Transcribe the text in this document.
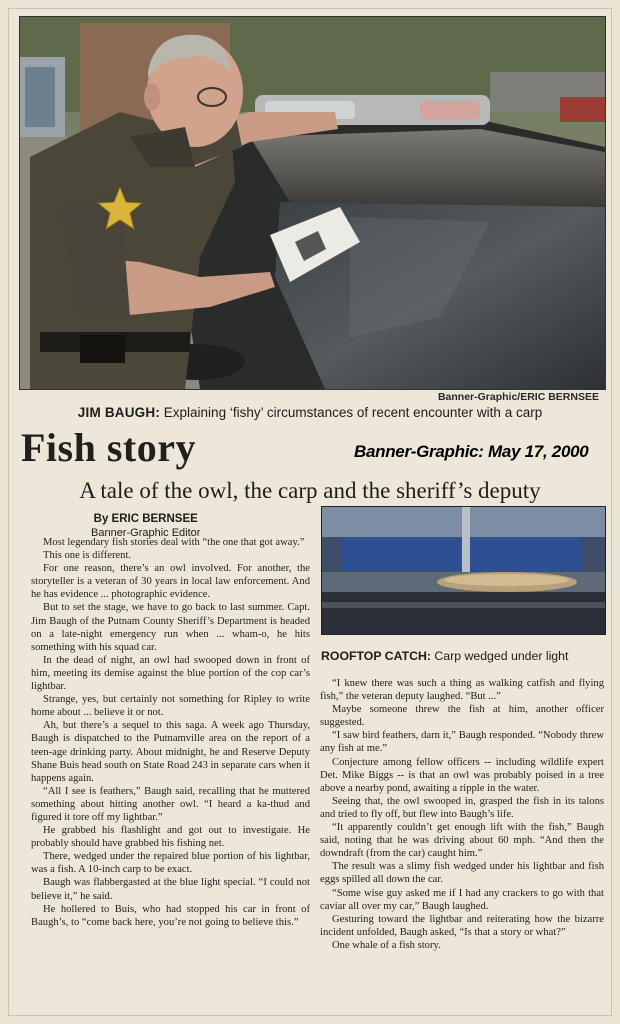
Banner-Graphic/ERIC BERNSEE
JIM BAUGH: Explaining ‘fishy’ circumstances of recent encounter with a carp
Fish story	Banner-Graphic: May 17, 2000
A tale of the owl, the carp and the sheriff’s deputy
By ERIC BERNSEE
Banner-Graphic Editor

Most legendary fish stories deal with “the one that got away.”

This one is different.

For one reason, there’s an owl involved. For another, the storyteller is a veteran of 30 years in local law enforcement. And he has evidence ... photographic evidence.

But to set the stage, we have to go back to last summer. Capt. Jim Baugh of the Putnam County Sheriff’s Department is headed on a late-night emergency run when ... wham-o, he hits something with his squad car.

In the dead of night, an owl had swooped down in front of him, meeting its demise against the blue portion of the cop car’s lightbar.

Strange, yes, but certainly not something for Ripley to write home about ... believe it or not.

Ah, but there’s a sequel to this saga. A week ago Thursday, Baugh is dispatched to the Putnamville area on the report of a teen-age drinking party. About midnight, he and Reserve Deputy Shane Buis head south on State Road 243 in separate cars when it happens again.

“All I see is feathers,” Baugh said, recalling that he muttered something about hitting another owl. “I heard a ka-thud and figured it tore off my lightbar.”

He grabbed his flashlight and got out to investigate. He probably should have grabbed his fishing net.

There, wedged under the repaired blue portion of his lightbar, was a fish. A 10-inch carp to be exact.

Baugh was flabbergasted at the blue light special. “I could not believe it,” he said.

He hollered to Buis, who had stopped his car in front of Baugh’s, to “come back here, you’re not going to believe this.”

ROOFTOP CATCH: Carp wedged under light

“I knew there was such a thing as walking catfish and flying fish,” the veteran deputy laughed. “But ...”

Maybe someone threw the fish at him, another officer suggested.

“I saw bird feathers, darn it,” Baugh responded. “Nobody threw any fish at me.”

Conjecture among fellow officers -- including wildlife expert Det. Mike Biggs -- is that an owl was probably poised in a tree above a nearby pond, awaiting a ripple in the water.

Seeing that, the owl swooped in, grasped the fish in its talons and tried to fly off, but flew into Baugh’s life.

“It apparently couldn’t get enough lift with the fish,” Baugh said, noting that he was driving about 60 mph. “And then the downdraft (from the car) caught him.”

The result was a slimy fish wedged under his lightbar and fish eggs spilled all down the car.

“Some wise guy asked me if I had any crackers to go with that caviar all over my car,” Baugh laughed.

Gesturing toward the lightbar and reiterating how the bizarre incident unfolded, Baugh asked, “Is that a story or what?”

One whale of a fish story.
